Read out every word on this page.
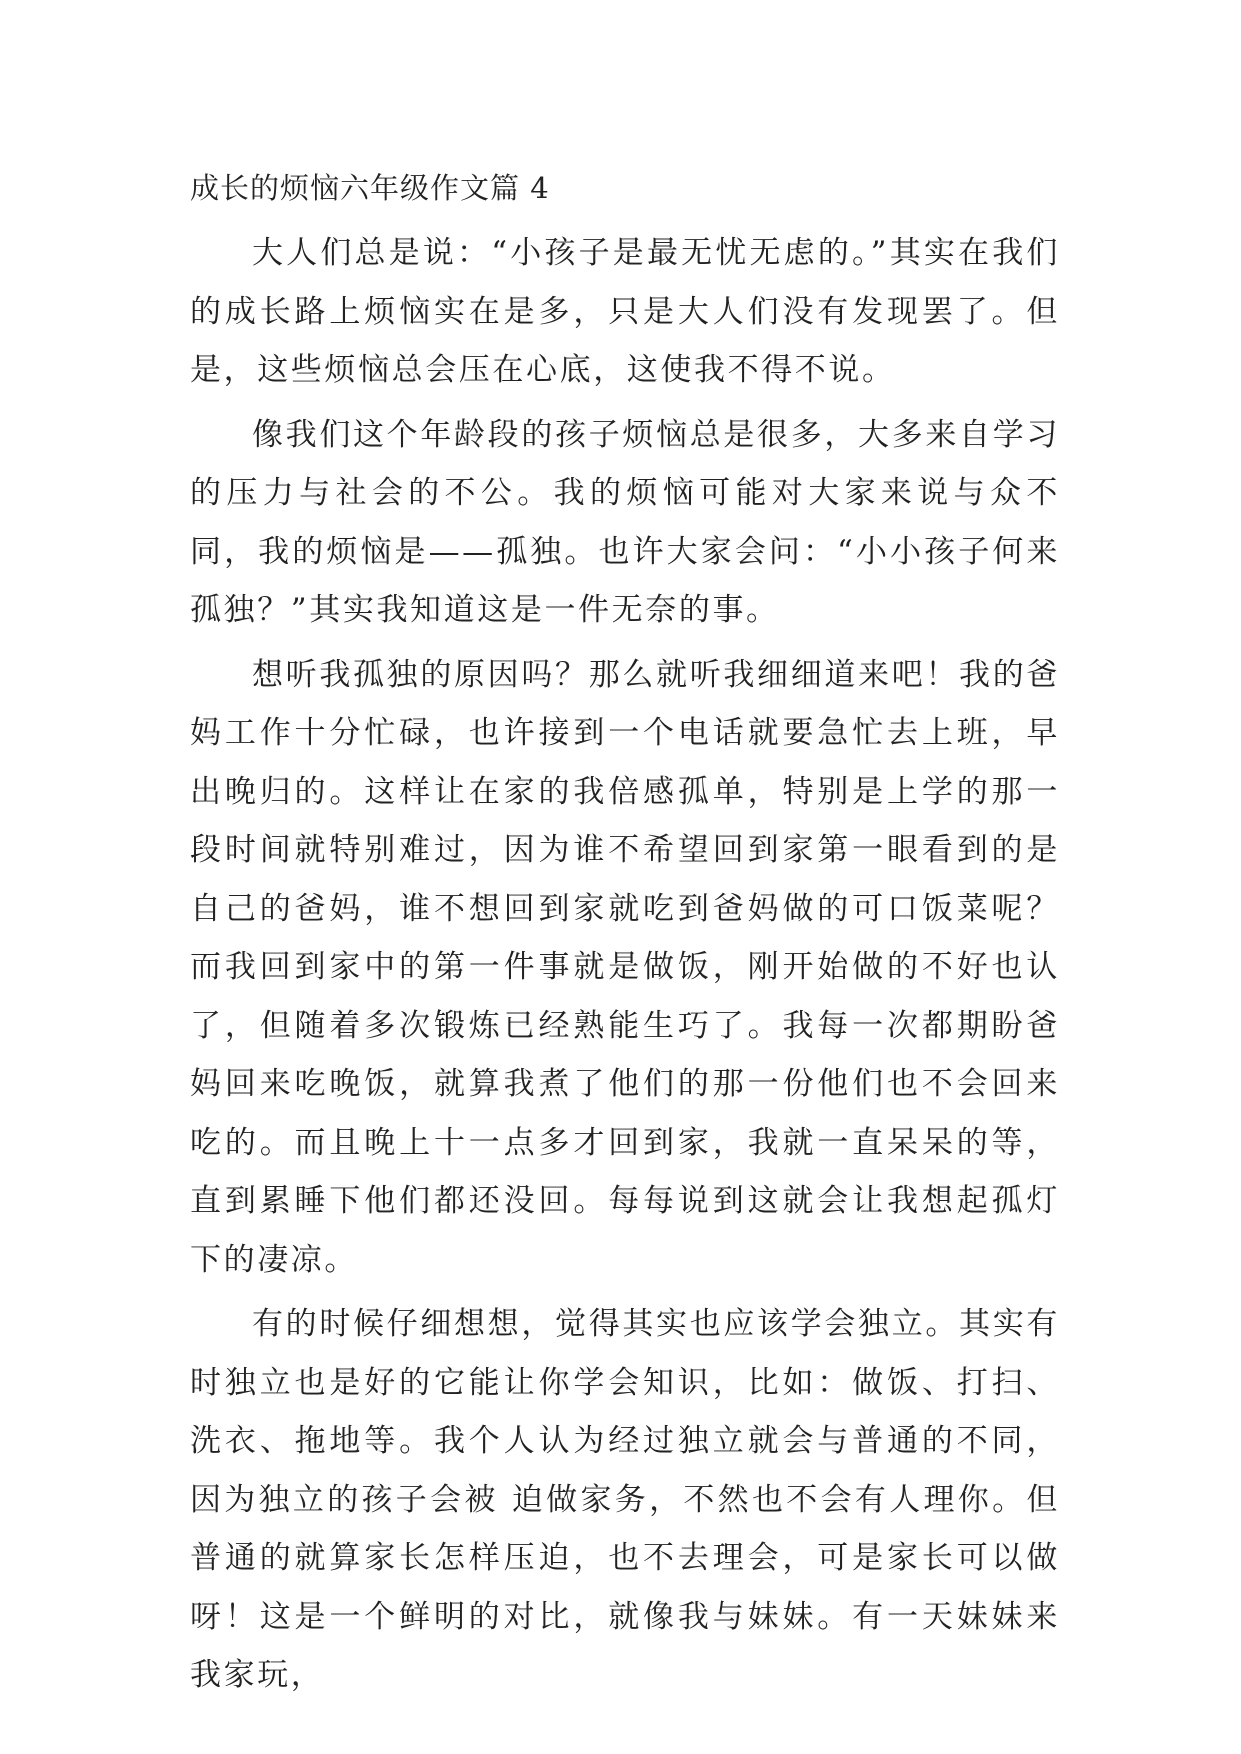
成长的烦恼六年级作文篇 4

大人们总是说：“小孩子是最无忧无虑的。”其实在我们的成长路上烦恼实在是多，只是大人们没有发现罢了。但是，这些烦恼总会压在心底，这使我不得不说。

像我们这个年龄段的孩子烦恼总是很多，大多来自学习的压力与社会的不公。我的烦恼可能对大家来说与众不同，我的烦恼是——孤独。也许大家会问：“小小孩子何来孤独？”其实我知道这是一件无奈的事。

想听我孤独的原因吗？那么就听我细细道来吧！我的爸妈工作十分忙碌，也许接到一个电话就要急忙去上班，早出晚归的。这样让在家的我倍感孤单，特别是上学的那一段时间就特别难过，因为谁不希望回到家第一眼看到的是自己的爸妈，谁不想回到家就吃到爸妈做的可口饭菜呢？而我回到家中的第一件事就是做饭，刚开始做的不好也认了，但随着多次锻炼已经熟能生巧了。我每一次都期盼爸妈回来吃晚饭，就算我煮了他们的那一份他们也不会回来吃的。而且晚上十一点多才回到家，我就一直呆呆的等，直到累睡下他们都还没回。每每说到这就会让我想起孤灯下的凄凉。

有的时候仔细想想，觉得其实也应该学会独立。其实有时独立也是好的它能让你学会知识，比如：做饭、打扫、洗衣、拖地等。我个人认为经过独立就会与普通的不同，因为独立的孩子会被 迫做家务，不然也不会有人理你。但普通的就算家长怎样压迫，也不去理会，可是家长可以做呀！这是一个鲜明的对比，就像我与妹妹。有一天妹妹来我家玩，
